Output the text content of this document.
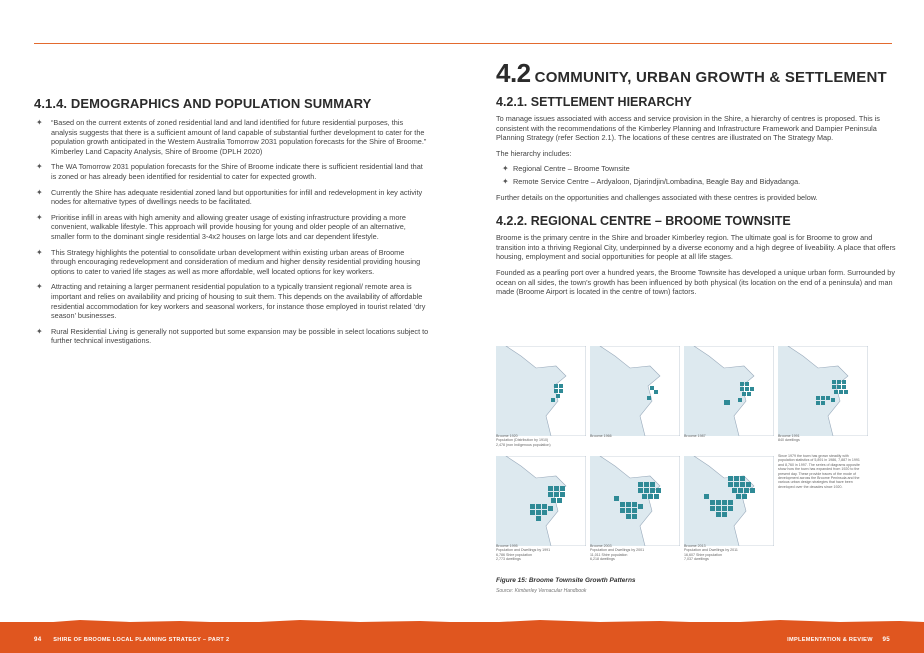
4.1.4. DEMOGRAPHICS AND POPULATION SUMMARY
✦ “Based on the current extents of zoned residential land and land identified for future residential purposes, this analysis suggests that there is a sufficient amount of land capable of substantial further development to cater for the population growth anticipated in the Western Australia Tomorrow 2031 population forecasts for the Shire of Broome.” Kimberley Land Capacity Analysis, Shire of Broome (DPLH 2020)
✦ The WA Tomorrow 2031 population forecasts for the Shire of Broome indicate there is sufficient residential land that is zoned or has already been identified for residential to cater for expected growth.
✦ Currently the Shire has adequate residential zoned land but opportunities for infill and redevelopment in key activity nodes for alternative types of dwellings needs to be facilitated.
✦ Prioritise infill in areas with high amenity and allowing greater usage of existing infrastructure providing a more convenient, walkable lifestyle. This approach will provide housing for young and older people of an alternative, smaller form to the dominant single residential 3-4x2 houses on large lots and car dependent lifestyle.
✦ This Strategy highlights the potential to consolidate urban development within existing urban areas of Broome through encouraging redevelopment and consideration of medium and higher density residential providing housing options to cater to varied life stages as well as more affordable, well located options for key workers.
✦ Attracting and retaining a larger permanent residential population to a typically transient regional/ remote area is important and relies on availability and pricing of housing to suit them. This depends on the availability of affordable residential accommodation for key workers and seasonal workers, for instance those employed in tourist related ‘dry season’ businesses.
✦ Rural Residential Living is generally not supported but some expansion may be possible in select locations subject to further technical investigations.
4.2 COMMUNITY, URBAN GROWTH & SETTLEMENT
4.2.1. SETTLEMENT HIERARCHY

To manage issues associated with access and service provision in the Shire, a hierarchy of centres is proposed. This is consistent with the recommendations of the Kimberley Planning and Infrastructure Framework and Dampier Peninsula Planning Strategy (refer Section 2.1). The locations of these centres are illustrated on The Strategy Map.

The hierarchy includes:

✦ Regional Centre – Broome Townsite
✦ Remote Service Centre – Ardyaloon, Djarindjin/Lombadina, Beagle Bay and Bidyadanga.

Further details on the opportunities and challenges associated with these centres is provided below.

4.2.2. REGIONAL CENTRE – BROOME TOWNSITE

Broome is the primary centre in the Shire and broader Kimberley region. The ultimate goal is for Broome to grow and transition into a thriving Regional City, underpinned by a diverse economy and a high degree of liveability. A place that offers housing, employment and social opportunities for people at all life stages.

Founded as a pearling port over a hundred years, the Broome Townsite has developed a unique urban form. Surrounded by ocean on all sides, the town’s growth has been influenced by both physical (its location on the end of a peninsula) and man made (Broome Airport is located in the centre of town) factors.

Broome 1920
Population (Distribution by 1910)
2,478 (non Indigenous population)
Broome 1966	Broome 1987	Broome 1991
840 dwellings
Broome 1995
Population and Dwellings by 1991
6,786 Shire population
2,773 dwellings
Broome 2003
Population and Dwellings by 2001
11,011 Shire population
6,218 dwellings
Broome 2013
Population and Dwellings by 2011
16,607 Shire population
7,037 dwellings
Since 1979 the town has grown steadily with population statistics of 5,891 in 1986, 7,887 in 1991 and 8,760 in 1997. The series of diagrams opposite show how the town has expanded from 1920 to the present day. These provide traces of the mode of development across the Broome Peninsula and the various urban design strategies that have been developed over the decades since 1920.
Figure 15: Broome Townsite Growth Patterns
Source: Kimberley Vernacular Handbook
94 SHIRE OF BROOME LOCAL PLANNING STRATEGY – PART 2	IMPLEMENTATION & REVIEW 95
